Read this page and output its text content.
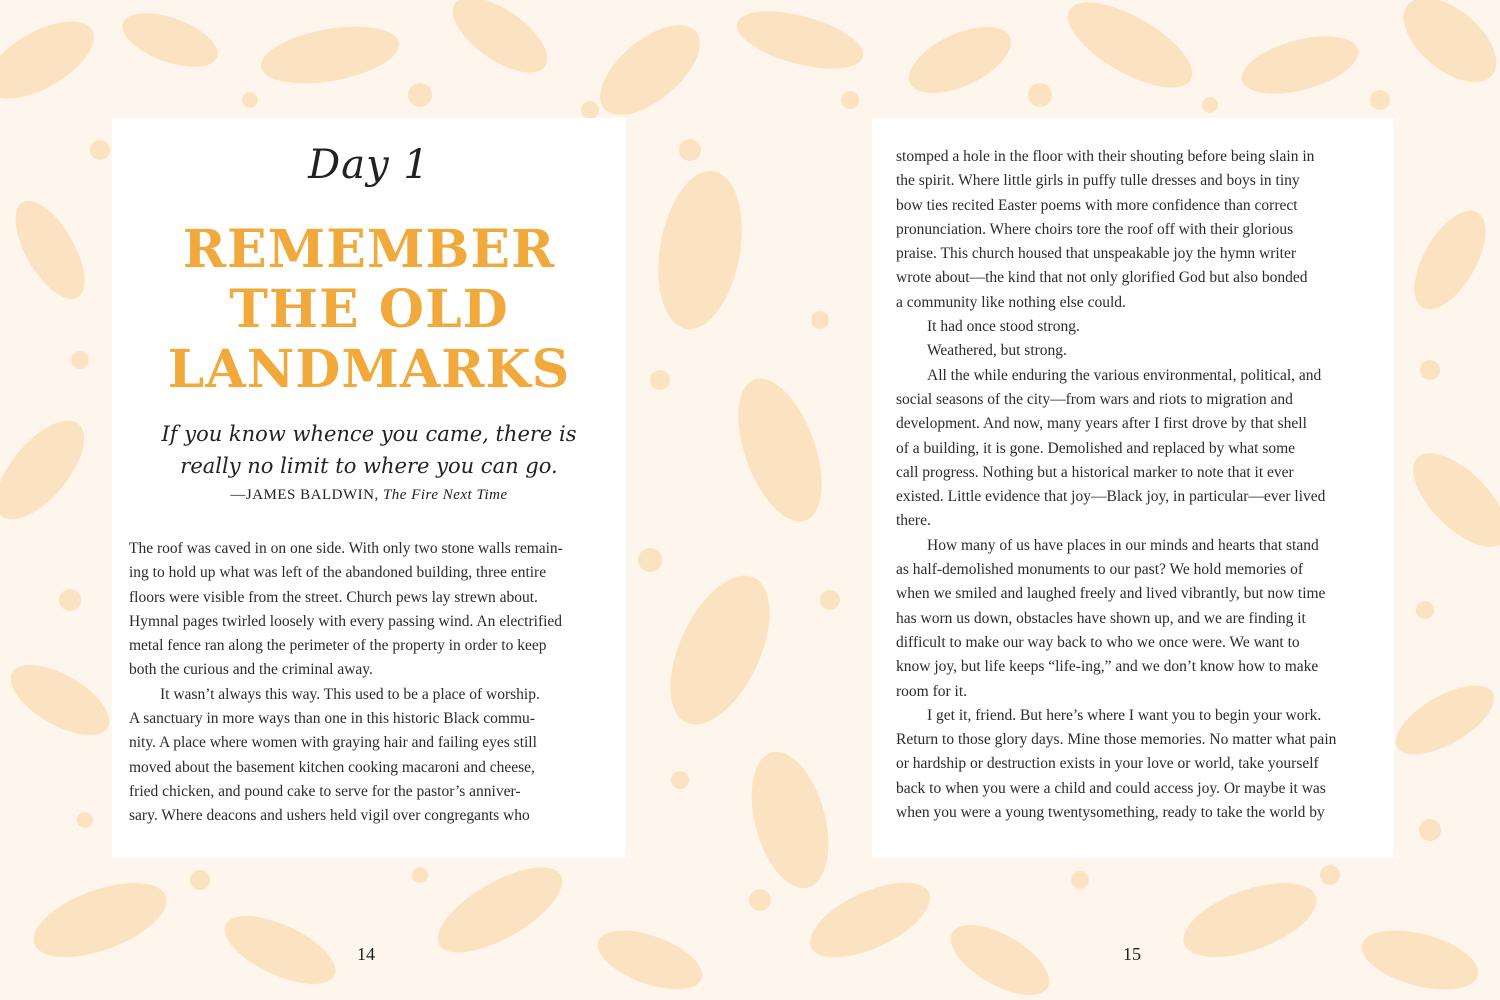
Day 1
REMEMBER
THE OLD
LANDMARKS
If you know whence you came, there is
really no limit to where you can go.
—JAMES BALDWIN, The Fire Next Time
The roof was caved in on one side. With only two stone walls remain-
ing to hold up what was left of the abandoned building, three entire
floors were visible from the street. Church pews lay strewn about.
Hymnal pages twirled loosely with every passing wind. An electrified
metal fence ran along the perimeter of the property in order to keep
both the curious and the criminal away.
It wasn’t always this way. This used to be a place of worship.
A sanctuary in more ways than one in this historic Black commu-
nity. A place where women with graying hair and failing eyes still
moved about the basement kitchen cooking macaroni and cheese,
fried chicken, and pound cake to serve for the pastor’s anniver-
sary. Where deacons and ushers held vigil over congregants who
stomped a hole in the floor with their shouting before being slain in
the spirit. Where little girls in puffy tulle dresses and boys in tiny
bow ties recited Easter poems with more confidence than correct
pronunciation. Where choirs tore the roof off with their glorious
praise. This church housed that unspeakable joy the hymn writer
wrote about—the kind that not only glorified God but also bonded
a community like nothing else could.
It had once stood strong.
Weathered, but strong.
All the while enduring the various environmental, political, and
social seasons of the city—from wars and riots to migration and
development. And now, many years after I first drove by that shell
of a building, it is gone. Demolished and replaced by what some
call progress. Nothing but a historical marker to note that it ever
existed. Little evidence that joy—Black joy, in particular—ever lived
there.
How many of us have places in our minds and hearts that stand
as half-demolished monuments to our past? We hold memories of
when we smiled and laughed freely and lived vibrantly, but now time
has worn us down, obstacles have shown up, and we are finding it
difficult to make our way back to who we once were. We want to
know joy, but life keeps “life-ing,” and we don’t know how to make
room for it.
I get it, friend. But here’s where I want you to begin your work.
Return to those glory days. Mine those memories. No matter what pain
or hardship or destruction exists in your love or world, take yourself
back to when you were a child and could access joy. Or maybe it was
when you were a young twentysomething, ready to take the world by
14	15
